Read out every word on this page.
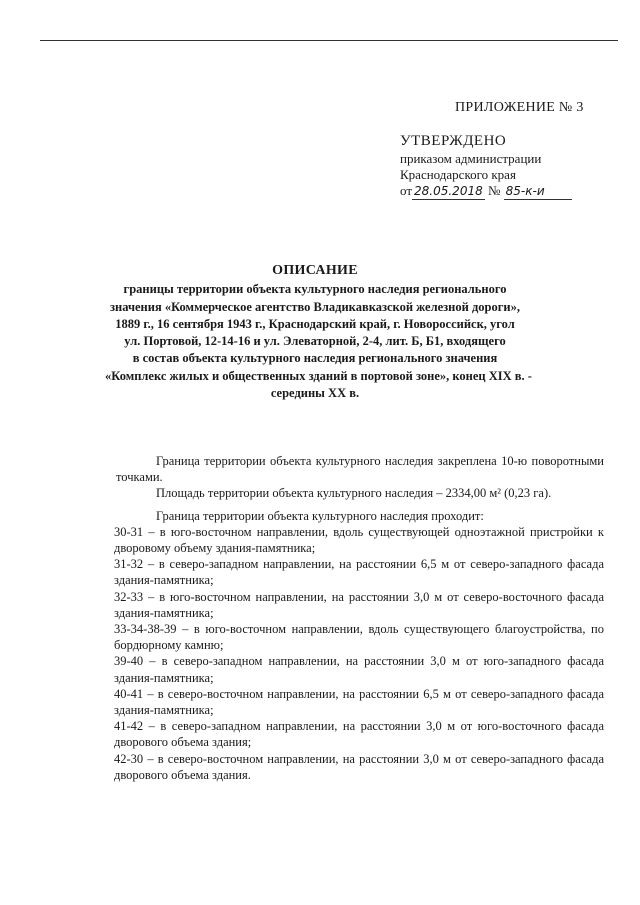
ПРИЛОЖЕНИЕ № 3
УТВЕРЖДЕНО
приказом администрации
Краснодарского края
от 28.05.2018 № 85-к-и
ОПИСАНИЕ
границы территории объекта культурного наследия регионального
значения «Коммерческое агентство Владикавказской железной дороги»,
1889 г., 16 сентября 1943 г., Краснодарский край, г. Новороссийск, угол
ул. Портовой, 12-14-16 и ул. Элеваторной, 2-4, лит. Б, Б1, входящего
в состав объекта культурного наследия регионального значения
«Комплекс жилых и общественных зданий в портовой зоне», конец XIX в. -
середины XX в.

Граница территории объекта культурного наследия закреплена 10-ю поворотными точками.

Площадь территории объекта культурного наследия – 2334,00 м² (0,23 га).

Граница территории объекта культурного наследия проходит:

30-31 – в юго-восточном направлении, вдоль существующей одноэтажной пристройки к дворовому объему здания-памятника;

31-32 – в северо-западном направлении, на расстоянии 6,5 м от северо-западного фасада здания-памятника;

32-33 – в юго-восточном направлении, на расстоянии 3,0 м от северо-восточного фасада здания-памятника;

33-34-38-39 – в юго-восточном направлении, вдоль существующего благоустройства, по бордюрному камню;

39-40 – в северо-западном направлении, на расстоянии 3,0 м от юго-западного фасада здания-памятника;

40-41 – в северо-восточном направлении, на расстоянии 6,5 м от северо-западного фасада здания-памятника;

41-42 – в северо-западном направлении, на расстоянии 3,0 м от юго-восточного фасада дворового объема здания;

42-30 – в северо-восточном направлении, на расстоянии 3,0 м от северо-западного фасада дворового объема здания.
